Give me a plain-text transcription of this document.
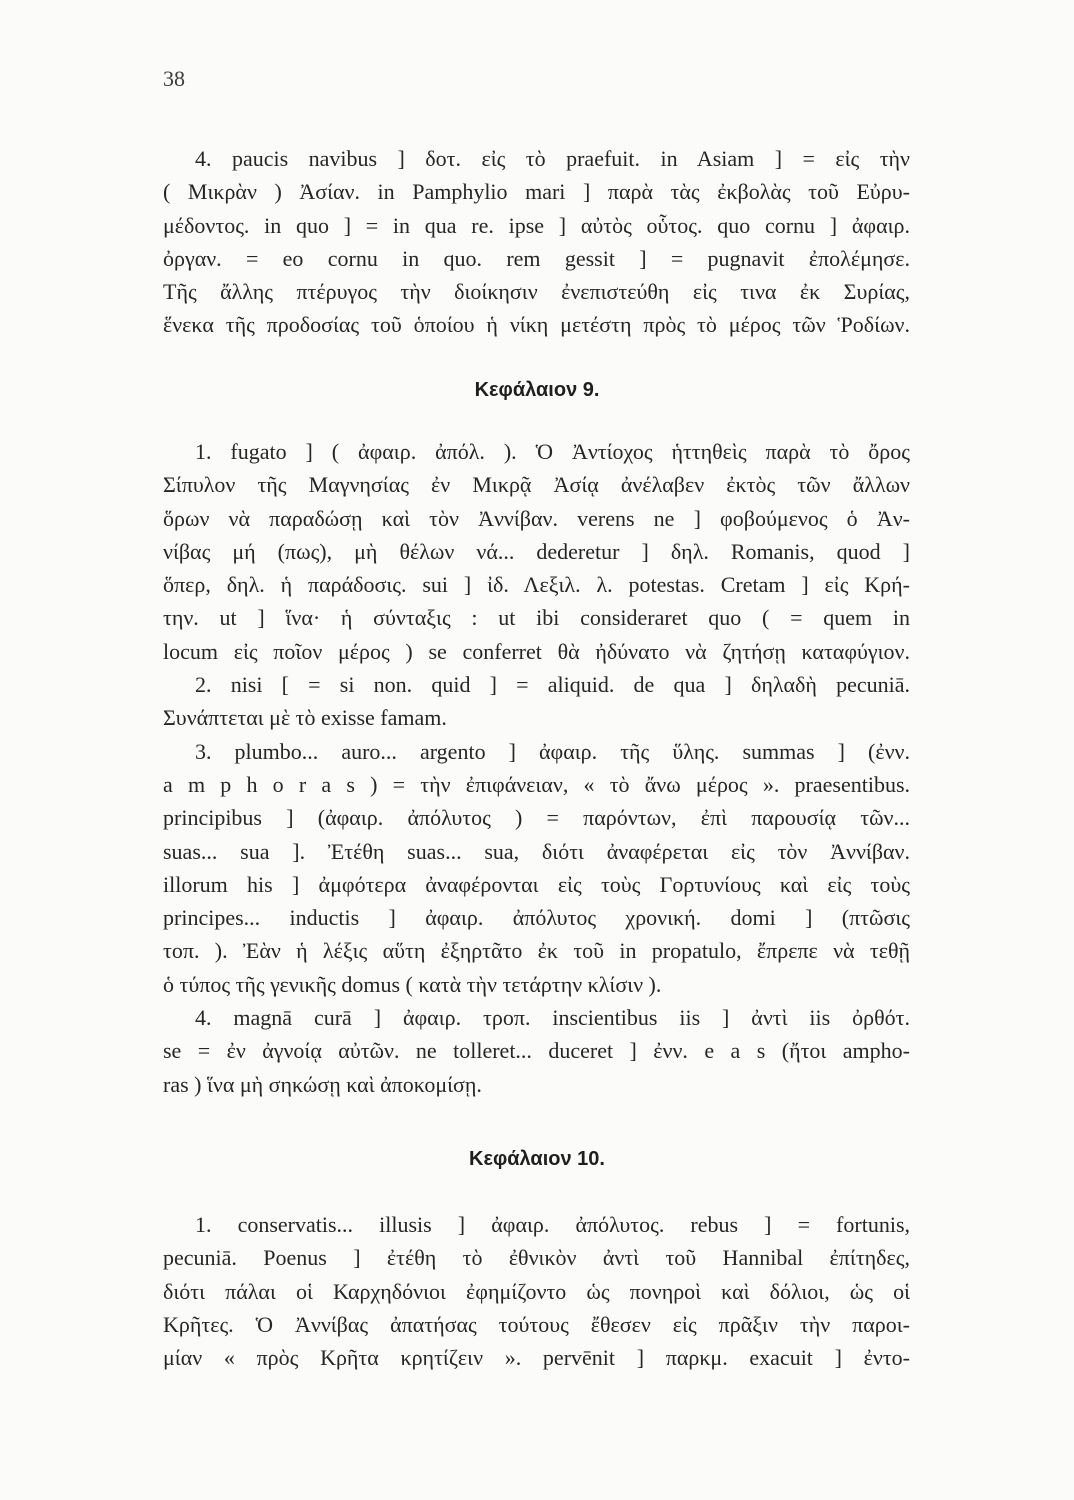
38
4. paucis navibus ] δοτ. εἰς τὸ praefuit. in Asiam ] = εἰς τὴν
( Μικρὰν ) Ἀσίαν. in Pamphylio mari ] παρὰ τὰς ἐκβολὰς τοῦ Εὐρυ-
μέδοντος. in quo ] = in qua re. ipse ] αὐτὸς οὗτος. quo cornu ] ἀφαιρ.
ὀργαν. = eo cornu in quo. rem gessit ] = pugnavit ἐπολέμησε.
Τῆς ἄλλης πτέρυγος τὴν διοίκησιν ἐνεπιστεύθη εἰς τινα ἐκ Συρίας,
ἕνεκα τῆς προδοσίας τοῦ ὁποίου ἡ νίκη μετέστη πρὸς τὸ μέρος τῶν Ῥοδίων.
Κεφάλαιον 9.
1. fugato ] ( ἀφαιρ. ἀπόλ. ). Ὁ Ἀντίοχος ἡττηθεὶς παρὰ τὸ ὄρος
Σίπυλον τῆς Μαγνησίας ἐν Μικρᾷ Ἀσίᾳ ἀνέλαβεν ἐκτὸς τῶν ἄλλων
ὅρων νὰ παραδώσῃ καὶ τὸν Ἀννίβαν. verens ne ] φοβούμενος ὁ Ἀν-
νίβας μή (πως), μὴ θέλων νά... dederetur ] δηλ. Romanis, quod ]
ὅπερ, δηλ. ἡ παράδοσις. sui ] ἰδ. Λεξιλ. λ. potestas. Cretam ] εἰς Κρή-
την. ut ] ἵνα· ἡ σύνταξις : ut ibi consideraret quo ( = quem in
locum εἰς ποῖον μέρος ) se conferret θὰ ἠδύνατο νὰ ζητήσῃ καταφύγιον.
2. nisi [ = si non. quid ] = aliquid. de qua ] δηλαδὴ pecuniā.
Συνάπτεται μὲ τὸ exisse famam.
3. plumbo... auro... argento ] ἀφαιρ. τῆς ὕλης. summas ] (ἐνν.
a m p h o r a s ) = τὴν ἐπιφάνειαν, « τὸ ἄνω μέρος ». praesentibus.
principibus ] (ἀφαιρ. ἀπόλυτος ) = παρόντων, ἐπὶ παρουσίᾳ τῶν...
suas... sua ]. Ἐτέθη suas... sua, διότι ἀναφέρεται εἰς τὸν Ἀννίβαν.
illorum his ] ἀμφότερα ἀναφέρονται εἰς τοὺς Γορτυνίους καὶ εἰς τοὺς
principes... inductis ] ἀφαιρ. ἀπόλυτος χρονική. domi ] (πτῶσις
τοπ. ). Ἐὰν ἡ λέξις αὕτη ἐξηρτᾶτο ἐκ τοῦ in propatulo, ἔπρεπε νὰ τεθῇ
ὁ τύπος τῆς γενικῆς domus ( κατὰ τὴν τετάρτην κλίσιν ).
4. magnā curā ] ἀφαιρ. τροπ. inscientibus iis ] ἀντὶ iis ὀρθότ.
se = ἐν ἀγνοίᾳ αὐτῶν. ne tolleret... duceret ] ἐνν. e a s (ἤτοι ampho-
ras ) ἵνα μὴ σηκώσῃ καὶ ἀποκομίσῃ.
Κεφάλαιον 10.
1. conservatis... illusis ] ἀφαιρ. ἀπόλυτος. rebus ] = fortunis,
pecuniā. Poenus ] ἐτέθη τὸ ἐθνικὸν ἀντὶ τοῦ Hannibal ἐπίτηδες,
διότι πάλαι οἱ Καρχηδόνιοι ἐφημίζοντο ὡς πονηροὶ καὶ δόλιοι, ὡς οἱ
Κρῆτες. Ὁ Ἀννίβας ἀπατήσας τούτους ἔθεσεν εἰς πρᾶξιν τὴν παροι-
μίαν « πρὸς Κρῆτα κρητίζειν ». pervēnit ] παρκμ. exacuit ] ἐντο-
